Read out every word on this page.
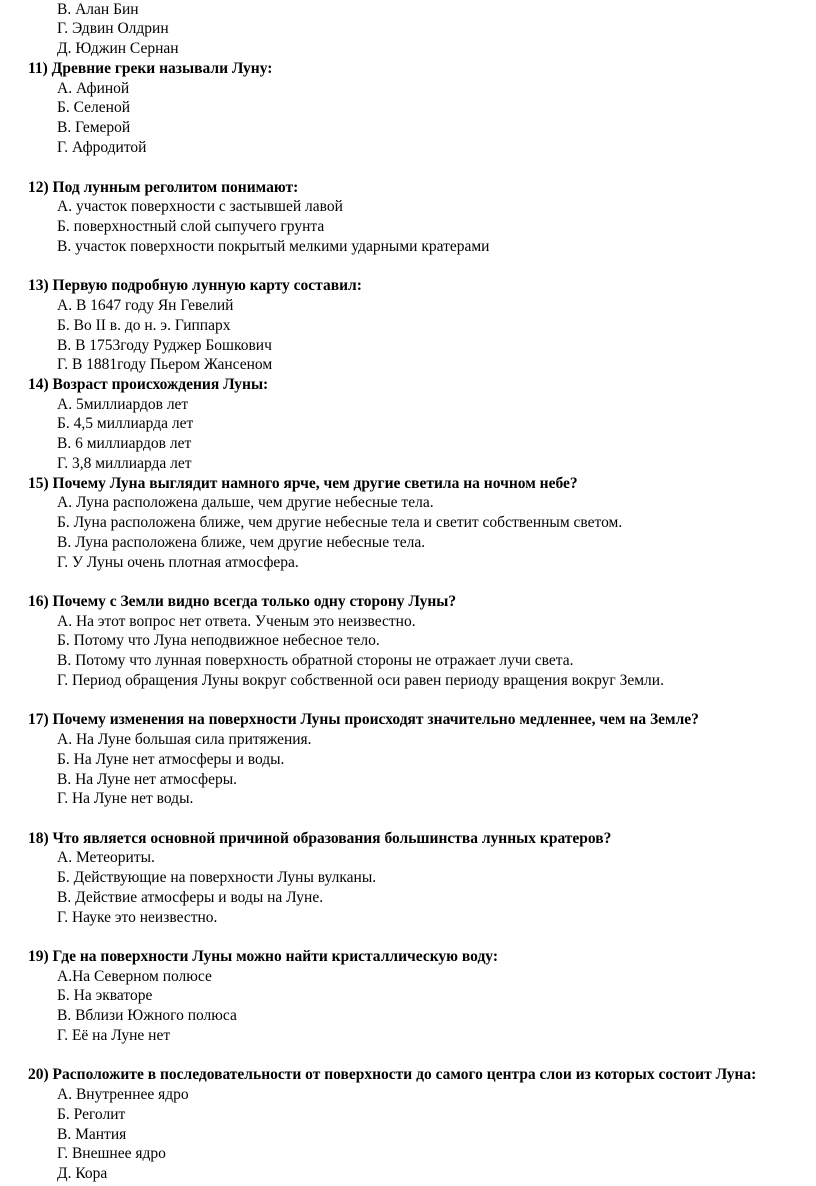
В. Алан Бин
Г. Эдвин Олдрин
Д. Юджин Сернан
11) Древние греки называли Луну:
А. Афиной
Б. Селеной
В. Гемерой
Г. Афродитой
12) Под лунным реголитом понимают:
А. участок поверхности с застывшей лавой
Б. поверхностный слой сыпучего грунта
В. участок поверхности покрытый мелкими ударными кратерами
13) Первую подробную лунную карту составил:
А. В 1647 году Ян Гевелий
Б. Во II в. до н. э. Гиппарх
В. В 1753году Руджер Бошкович
Г. В 1881году Пьером Жансеном
14) Возраст происхождения Луны:
А. 5миллиардов лет
Б. 4,5 миллиарда лет
В. 6 миллиардов лет
Г. 3,8 миллиарда лет
15) Почему Луна выглядит намного ярче, чем другие светила на ночном небе?
А. Луна расположена дальше, чем другие небесные тела.
Б. Луна расположена ближе, чем другие небесные тела и светит собственным светом.
В. Луна расположена ближе, чем другие небесные тела.
Г. У Луны очень плотная атмосфера.
16) Почему с Земли видно всегда только одну сторону Луны?
А. На этот вопрос нет ответа. Ученым это неизвестно.
Б. Потому что Луна неподвижное небесное тело.
В. Потому что лунная поверхность обратной стороны не отражает лучи света.
Г. Период обращения Луны вокруг собственной оси равен периоду вращения вокруг Земли.
17) Почему изменения на поверхности Луны происходят значительно медленнее, чем на Земле?
А. На Луне большая сила притяжения.
Б. На Луне нет атмосферы и воды.
В. На Луне нет атмосферы.
Г. На Луне нет воды.
18) Что является основной причиной образования большинства лунных кратеров?
А. Метеориты.
Б. Действующие на поверхности Луны вулканы.
В. Действие атмосферы и воды на Луне.
Г. Науке это неизвестно.
19) Где на поверхности Луны можно найти кристаллическую воду:
А.На Северном полюсе
Б. На экваторе
В. Вблизи Южного полюса
Г. Её на Луне нет
20) Расположите в последовательности от поверхности до самого центра слои из которых состоит Луна:
А. Внутреннее ядро
Б. Реголит
В. Мантия
Г. Внешнее ядро
Д. Кора
